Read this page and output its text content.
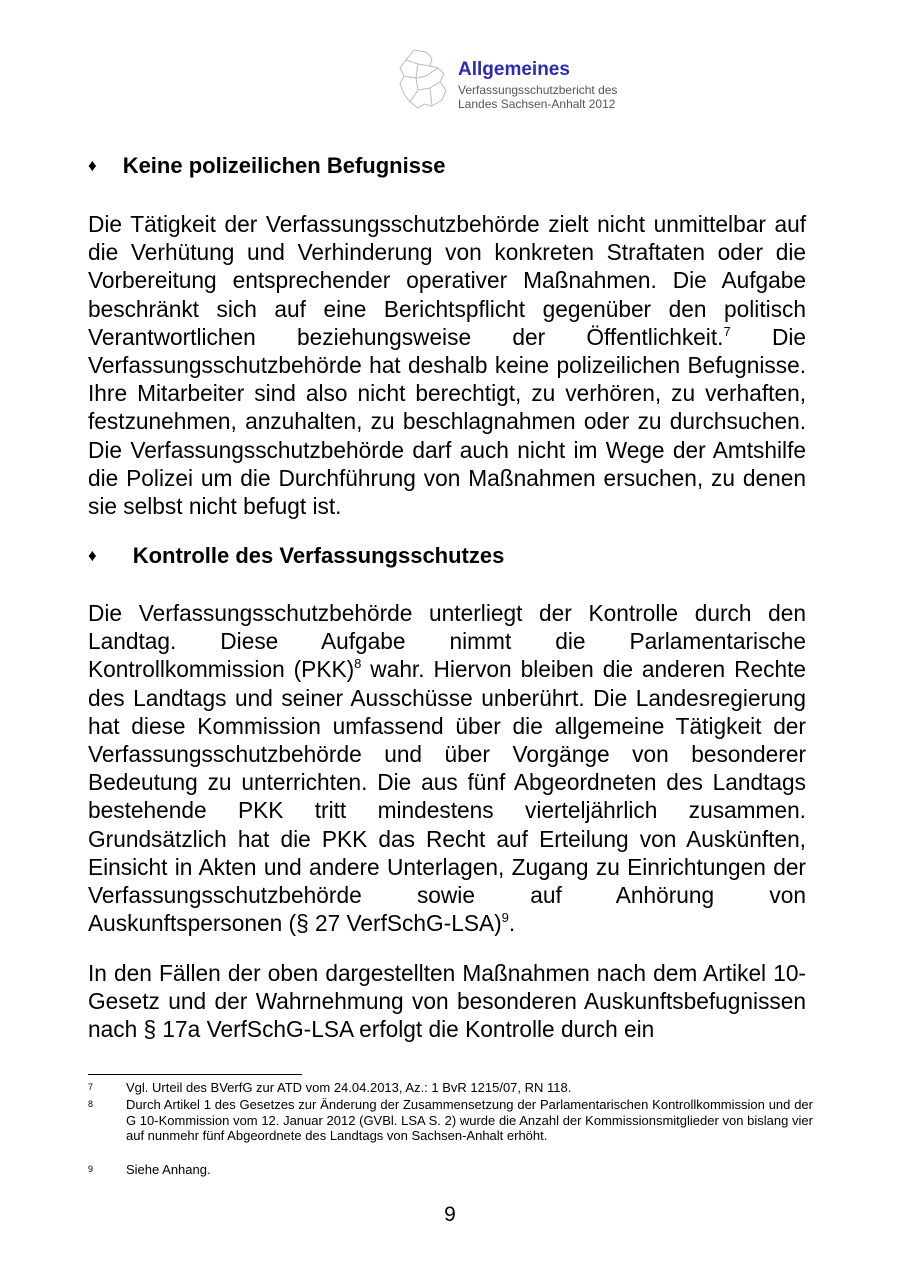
Allgemeines
Verfassungsschutzbericht des
Landes Sachsen-Anhalt 2012
♦ Keine polizeilichen Befugnisse
Die Tätigkeit der Verfassungsschutzbehörde zielt nicht unmittelbar auf die Verhütung und Verhinderung von konkreten Straftaten oder die Vorbereitung entsprechender operativer Maßnahmen. Die Aufgabe beschränkt sich auf eine Berichtspflicht gegenüber den politisch Verantwortlichen beziehungsweise der Öffentlichkeit.$^7$ Die Verfassungsschutzbehörde hat deshalb keine polizeilichen Befugnisse. Ihre Mitarbeiter sind also nicht berechtigt, zu verhören, zu verhaften, festzunehmen, anzuhalten, zu beschlagnahmen oder zu durchsuchen. Die Verfassungsschutzbehörde darf auch nicht im Wege der Amtshilfe die Polizei um die Durchführung von Maßnahmen ersuchen, zu denen sie selbst nicht befugt ist.
♦ Kontrolle des Verfassungsschutzes
Die Verfassungsschutzbehörde unterliegt der Kontrolle durch den Landtag. Diese Aufgabe nimmt die Parlamentarische Kontrollkommission (PKK)$^8$ wahr. Hiervon bleiben die anderen Rechte des Landtags und seiner Ausschüsse unberührt. Die Landesregierung hat diese Kommission umfassend über die allgemeine Tätigkeit der Verfassungsschutzbehörde und über Vorgänge von besonderer Bedeutung zu unterrichten. Die aus fünf Abgeordneten des Landtags bestehende PKK tritt mindestens vierteljährlich zusammen. Grundsätzlich hat die PKK das Recht auf Erteilung von Auskünften, Einsicht in Akten und andere Unterlagen, Zugang zu Einrichtungen der Verfassungsschutzbehörde sowie auf Anhörung von Auskunftspersonen (§ 27 VerfSchG-LSA)$^9$.
In den Fällen der oben dargestellten Maßnahmen nach dem Artikel 10-Gesetz und der Wahrnehmung von besonderen Auskunftsbefugnissen nach § 17a VerfSchG-LSA erfolgt die Kontrolle durch ein
7	Vgl. Urteil des BVerfG zur ATD vom 24.04.2013, Az.: 1 BvR 1215/07, RN 118.
8	Durch Artikel 1 des Gesetzes zur Änderung der Zusammensetzung der Parlamentarischen Kontrollkommission und der G 10-Kommission vom 12. Januar 2012 (GVBl. LSA S. 2) wurde die Anzahl der Kommissionsmitglieder von bislang vier auf nunmehr fünf Abgeordnete des Landtags von Sachsen-Anhalt erhöht.
9	Siehe Anhang.
9
